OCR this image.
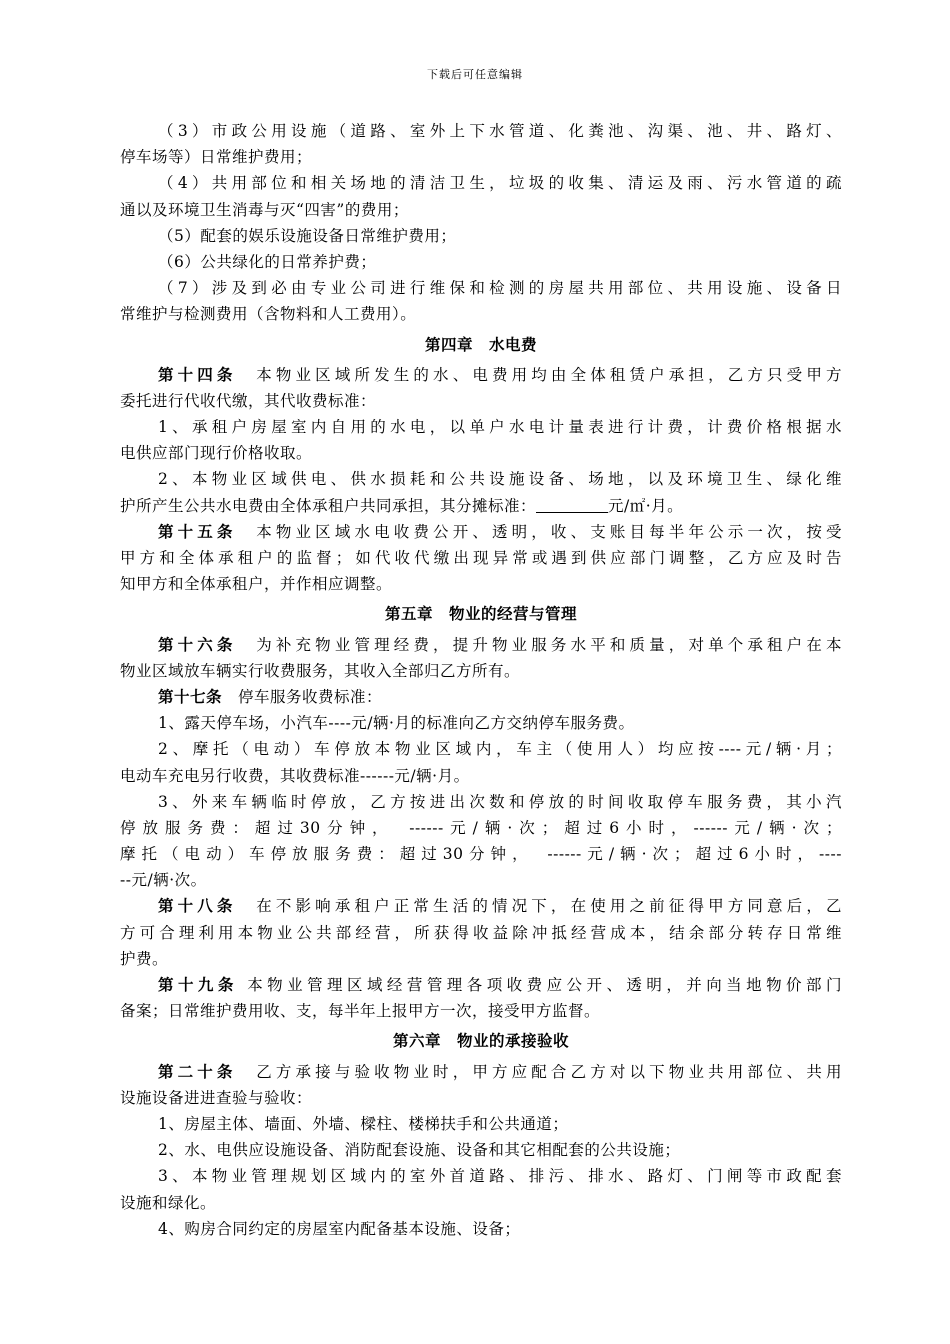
下载后可任意编辑
（3）市政公用设施（道路、室外上下水管道、化粪池、沟渠、池、井、路灯、
停车场等）日常维护费用；
（4）共用部位和相关场地的清洁卫生，垃圾的收集、清运及雨、污水管道的疏
通以及环境卫生消毒与灭“四害”的费用；
（5）配套的娱乐设施设备日常维护费用；
（6）公共绿化的日常养护费；
（7）涉及到必由专业公司进行维保和检测的房屋共用部位、共用设施、设备日
常维护与检测费用（含物料和人工费用）。
第四章　水电费
第十四条　 本物业区域所发生的水、电费用均由全体租赁户承担，乙方只受甲方
委托进行代收代缴，其代收费标准：
1、承租户房屋室内自用的水电，以单户水电计量表进行计费，计费价格根据水
电供应部门现行价格收取。
2、本物业区域供电、供水损耗和公共设施设备、场地，以及环境卫生、绿化维
护所产生公共水电费由全体承租户共同承担，其分摊标准：	元/㎡·月。
第十五条　 本物业区域水电收费公开、透明，收、支账目每半年公示一次，按受
甲方和全体承租户的监督；如代收代缴出现异常或遇到供应部门调整，乙方应及时告
知甲方和全体承租户，并作相应调整。
第五章　物业的经营与管理
第十六条　 为补充物业管理经费，提升物业服务水平和质量，对单个承租户在本
物业区域放车辆实行收费服务，其收入全部归乙方所有。
第十七条　 停车服务收费标准：
1、露天停车场，小汽车----元/辆·月的标准向乙方交纳停车服务费。
2、摩托（电动）车停放本物业区域内，车主（使用人）均应按----元/辆·月；
电动车充电另行收费，其收费标准------元/辆·月。
3、外来车辆临时停放，乙方按进出次数和停放的时间收取停车服务费，其小汽
停放服务费：超过30分钟，　------元/辆·次；超过6小时，------元/辆·次；
摩托（电动）车停放服务费：超过30分钟，　------元/辆·次；超过6小时，----
--元/辆·次。
第十八条　 在不影响承租户正常生活的情况下，在使用之前征得甲方同意后，乙
方可合理利用本物业公共部经营，所获得收益除冲抵经营成本，结余部分转存日常维
护费。
第十九条 本物业管理区域经营管理各项收费应公开、透明，并向当地物价部门
备案；日常维护费用收、支，每半年上报甲方一次，接受甲方监督。
第六章　物业的承接验收
第二十条　 乙方承接与验收物业时，甲方应配合乙方对以下物业共用部位、共用
设施设备进进查验与验收：
1、房屋主体、墙面、外墙、樑柱、楼梯扶手和公共通道；
2、水、电供应设施设备、消防配套设施、设备和其它相配套的公共设施；
3、本物业管理规划区域内的室外首道路、排污、排水、路灯、门闸等市政配套
设施和绿化。
4、购房合同约定的房屋室内配备基本设施、设备；
